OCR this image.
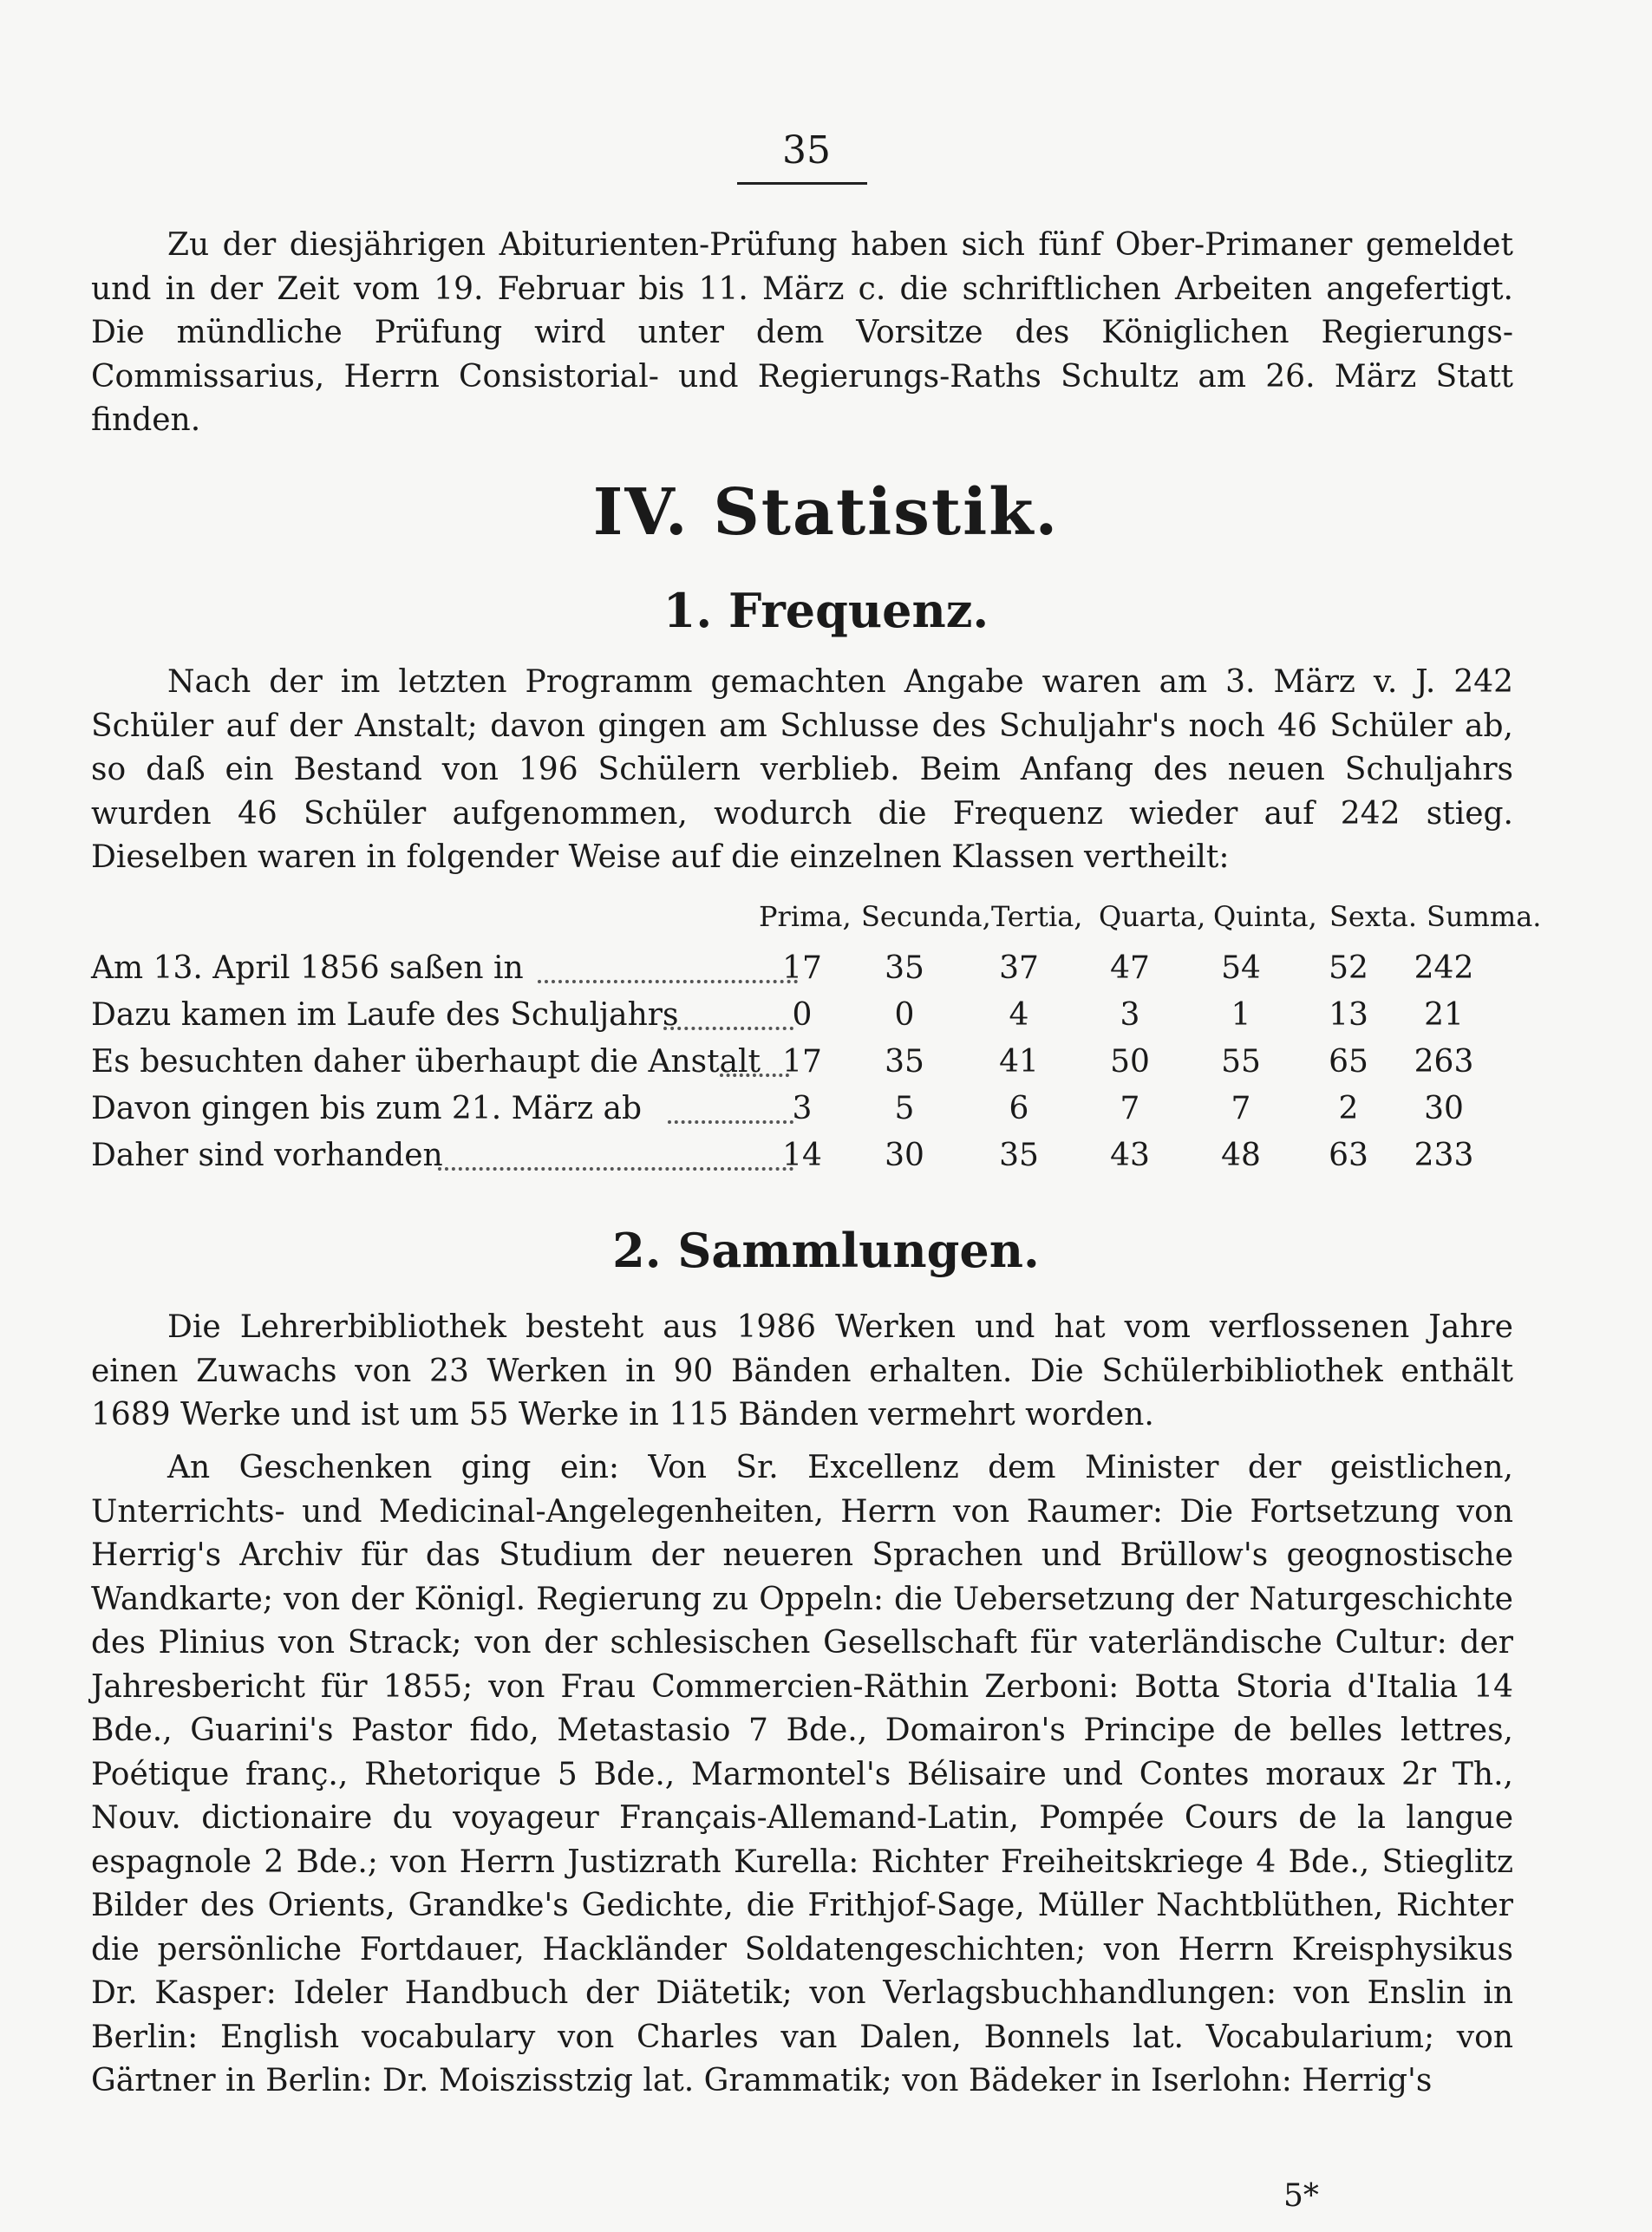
35

Zu der diesjährigen Abiturienten-Prüfung haben sich fünf Ober-Primaner gemeldet und in der Zeit vom 19. Februar bis 11. März c. die schriftlichen Arbeiten angefertigt. Die mündliche Prüfung wird unter dem Vorsitze des Königlichen Regierungs-Commissarius, Herrn Consistorial- und Regierungs-Raths Schultz am 26. März Statt finden.

IV. Statistik.
1. Frequenz.

Nach der im letzten Programm gemachten Angabe waren am 3. März v. J. 242 Schüler auf der Anstalt; davon gingen am Schlusse des Schuljahr's noch 46 Schüler ab, so daß ein Bestand von 196 Schülern verblieb. Beim Anfang des neuen Schuljahrs wurden 46 Schüler aufgenommen, wodurch die Frequenz wieder auf 242 stieg. Dieselben waren in folgender Weise auf die einzelnen Klassen vertheilt:

Prima, Secunda, Tertia, Quarta, Quinta, Sexta. Summa.
Am 13. April 1856 saßen in	17	35	37	47	54	52	242
Dazu kamen im Laufe des Schuljahrs	0	0	4	3	1	13	21
Es besuchten daher überhaupt die Anstalt 17	35	41	50	55	65	263
Davon gingen bis zum 21. März ab	3	5	6	7	7	2	30
Daher sind vorhanden	14	30	35	43	48	63	233
2. Sammlungen.

Die Lehrerbibliothek besteht aus 1986 Werken und hat vom verflossenen Jahre einen Zuwachs von 23 Werken in 90 Bänden erhalten. Die Schülerbibliothek enthält 1689 Werke und ist um 55 Werke in 115 Bänden vermehrt worden.

An Geschenken ging ein: Von Sr. Excellenz dem Minister der geistlichen, Unterrichts- und Medicinal-Angelegenheiten, Herrn von Raumer: Die Fortsetzung von Herrig's Archiv für das Studium der neueren Sprachen und Brüllow's geognostische Wandkarte; von der Königl. Regierung zu Oppeln: die Uebersetzung der Naturgeschichte des Plinius von Strack; von der schlesischen Gesellschaft für vaterländische Cultur: der Jahresbericht für 1855; von Frau Commercien-Räthin Zerboni: Botta Storia d'Italia 14 Bde., Guarini's Pastor fido, Metastasio 7 Bde., Domairon's Principe de belles lettres, Poétique franç., Rhetorique 5 Bde., Marmontel's Bélisaire und Contes moraux 2r Th., Nouv. dictionaire du voyageur Français-Allemand-Latin, Pompée Cours de la langue espagnole 2 Bde.; von Herrn Justizrath Kurella: Richter Freiheitskriege 4 Bde., Stieglitz Bilder des Orients, Grandke's Gedichte, die Frithjof-Sage, Müller Nachtblüthen, Richter die persönliche Fortdauer, Hackländer Soldatengeschichten; von Herrn Kreisphysikus Dr. Kasper: Ideler Handbuch der Diätetik; von Verlagsbuchhandlungen: von Enslin in Berlin: English vocabulary von Charles van Dalen, Bonnels lat. Vocabularium; von Gärtner in Berlin: Dr. Moiszisstzig lat. Grammatik; von Bädeker in Iserlohn: Herrig's

5*
